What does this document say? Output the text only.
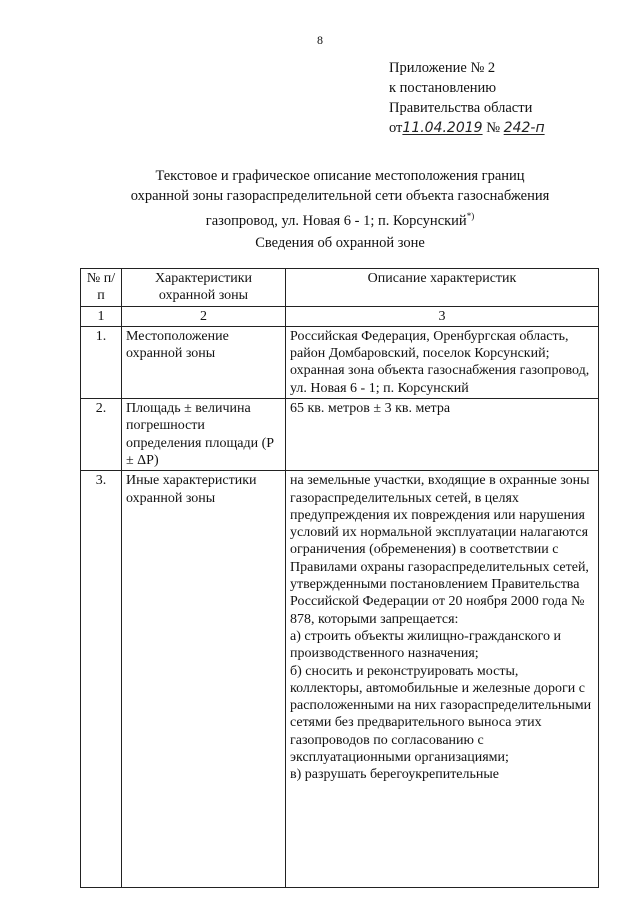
8
Приложение № 2
к постановлению
Правительства области
от11.04.2019 № 242-п
Текстовое и графическое описание местоположения границ
охранной зоны газораспределительной сети объекта газоснабжения
газопровод, ул. Новая 6 - 1; п. Корсунский*)
Сведения об охранной зоне
№ п/п	Характеристики охранной зоны	Описание характеристик
1	2	3
1.	Местоположение охранной зоны	Российская Федерация, Оренбургская область, район Домбаровский, поселок Корсунский; охранная зона объекта газоснабжения газопровод, ул. Новая 6 - 1; п. Корсунский
2.	Площадь ± величина погрешности определения площади (P ± ΔP)	65 кв. метров ± 3 кв. метра
3.	Иные характеристики охранной зоны	на земельные участки, входящие в охранные зоны газораспределительных сетей, в целях предупреждения их повреждения или нарушения условий их нормальной эксплуатации налагаются ограничения (обременения) в соответствии с Правилами охраны газораспределительных сетей, утвержденными постановлением Правительства Российской Федерации от 20 ноября 2000 года № 878, которыми запрещается:
а) строить объекты жилищно-гражданского и производственного назначения;
б) сносить и реконструировать мосты, коллекторы, автомобильные и железные дороги с расположенными на них газораспределительными сетями без предварительного выноса этих газопроводов по согласованию с эксплуатационными организациями;
в) разрушать берегоукрепительные
